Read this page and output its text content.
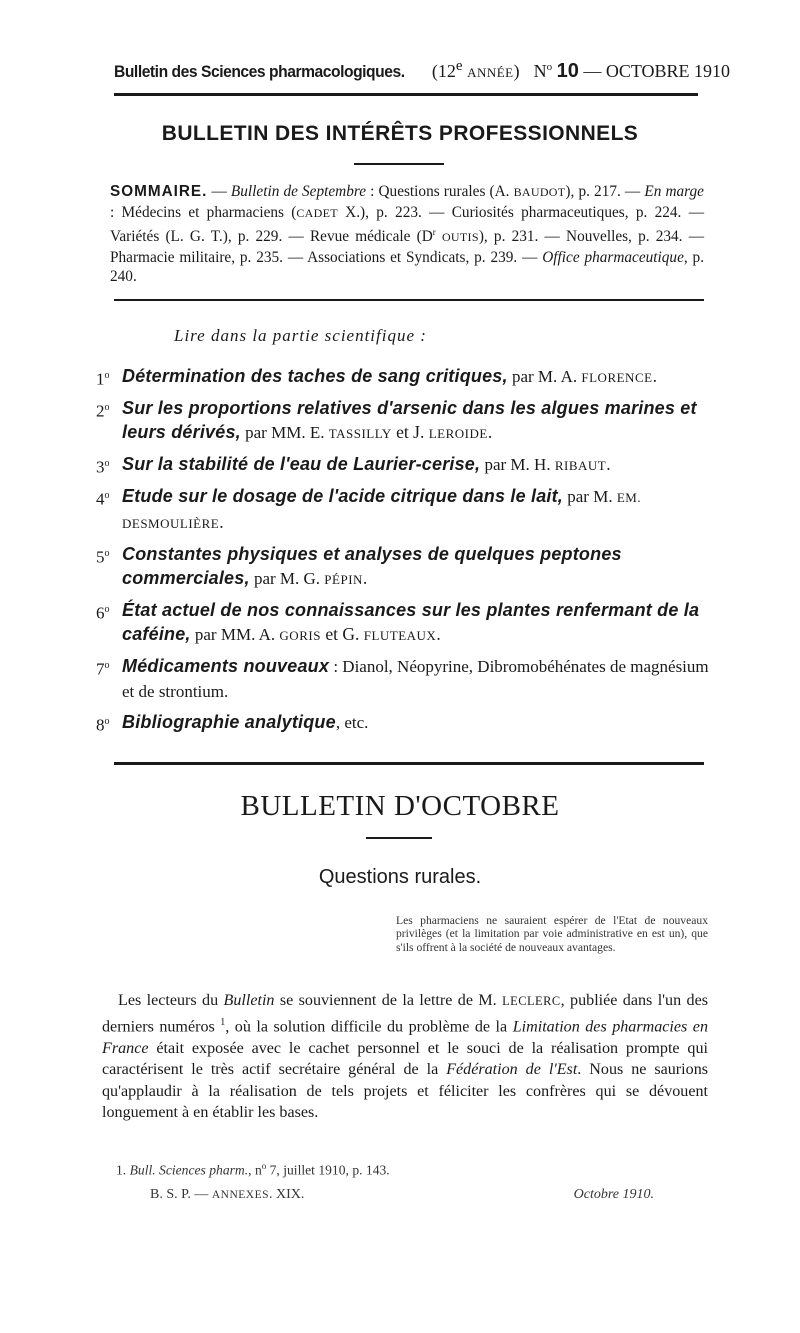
Bulletin des Sciences pharmacologiques. (12e ANNÉE) $N^o$ 10 — OCTOBRE 1910
BULLETIN DES INTÉRÊTS PROFESSIONNELS
SOMMAIRE. — Bulletin de Septembre : Questions rurales (A. BAUDOT), p. 217. — En marge : Médecins et pharmaciens (CADET X.), p. 223. — Curiosités pharmaceutiques, p. 224. — Variétés (L. G. T.), p. 229. — Revue médicale ($D^r$ OUTIS), p. 231. — Nouvelles, p. 234. — Pharmacie militaire, p. 235. — Associations et Syndicats, p. 239. — Office pharmaceutique, p. 240.
Lire dans la partie scientifique :
1$^o$ Détermination des taches de sang critiques, par M. A. FLORENCE.
2$^o$ Sur les proportions relatives d'arsenic dans les algues marines et leurs dérivés, par MM. E. TASSILLY et J. LEROIDE.
3$^o$ Sur la stabilité de l'eau de Laurier-cerise, par M. H. RIBAUT.
4$^o$ Etude sur le dosage de l'acide citrique dans le lait, par M. EM. DESMOULIÈRE.
5$^o$ Constantes physiques et analyses de quelques peptones commerciales, par M. G. PÉPIN.
6$^o$ État actuel de nos connaissances sur les plantes renfermant de la caféine, par MM. A. GORIS et G. FLUTEAUX.
7$^o$ Médicaments nouveaux : Dianol, Néopyrine, Dibromobéhénates de magnésium et de strontium.
8$^o$ Bibliographie analytique, etc.
BULLETIN D'OCTOBRE
Questions rurales.
Les pharmaciens ne sauraient espérer de l'Etat de nouveaux privilèges (et la limitation par voie administrative en est un), que s'ils offrent à la société de nouveaux avantages.
Les lecteurs du Bulletin se souviennent de la lettre de M. LECLERC, publiée dans l'un des derniers numéros $^1$, où la solution difficile du problème de la Limitation des pharmacies en France était exposée avec le cachet personnel et le souci de la réalisation prompte qui caractérisent le très actif secrétaire général de la Fédération de l'Est. Nous ne saurions qu'applaudir à la réalisation de tels projets et féliciter les confrères qui se dévouent longuement à en établir les bases.
1. Bull. Sciences pharm., $n^o$ 7, juillet 1910, p. 143.
B. S. P. — ANNEXES. XIX.	Octobre 1910.
